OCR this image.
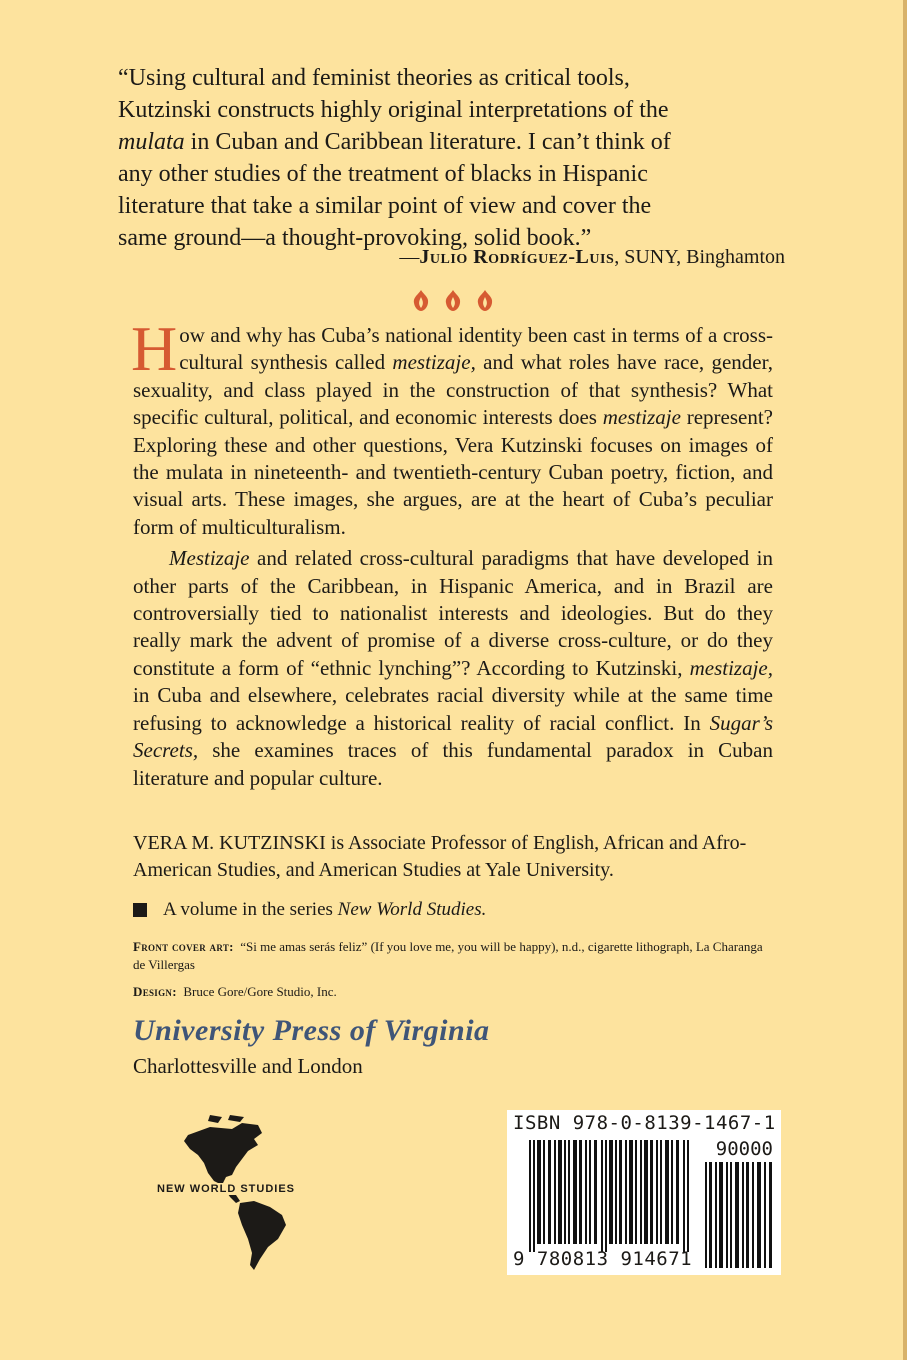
“Using cultural and feminist theories as critical tools,

Kutzinski constructs highly original interpretations of the

mulata in Cuban and Caribbean literature. I can’t think of

any other studies of the treatment of blacks in Hispanic

literature that take a similar point of view and cover the

same ground—a thought-provoking, solid book.”

—Julio Rodríguez-Luis, SUNY, Binghamton

How and why has Cuba’s national identity been cast in terms of a cross-cultural synthesis called mestizaje, and what roles have race, gender, sexuality, and class played in the construction of that synthesis? What specific cultural, political, and economic interests does mestizaje represent? Exploring these and other questions, Vera Kutzinski focuses on images of the mulata in nineteenth- and twentieth-century Cuban poetry, fiction, and visual arts. These images, she argues, are at the heart of Cuba’s peculiar form of multiculturalism.

Mestizaje and related cross-cultural paradigms that have developed in other parts of the Caribbean, in Hispanic America, and in Brazil are controversially tied to nationalist interests and ideologies. But do they really mark the advent of promise of a diverse cross-culture, or do they constitute a form of “ethnic lynching”? According to Kutzinski, mestizaje, in Cuba and elsewhere, celebrates racial diversity while at the same time refusing to acknowledge a historical reality of racial conflict. In Sugar’s Secrets, she examines traces of this fundamental paradox in Cuban literature and popular culture.

VERA M. KUTZINSKI is Associate Professor of English, African and Afro-American Studies, and American Studies at Yale University.
A volume in the series
New World Studies.

Front cover art: “Si me amas serás feliz” (If you love me, you will be happy), n.d., cigarette lithograph, La Charanga de Villergas

Design: Bruce Gore/Gore Studio, Inc.

University Press of Virginia
Charlottesville and London
NEW WORLD STUDIES
ISBN 978-0-8139-1467-1
90000
9 780813 914671
